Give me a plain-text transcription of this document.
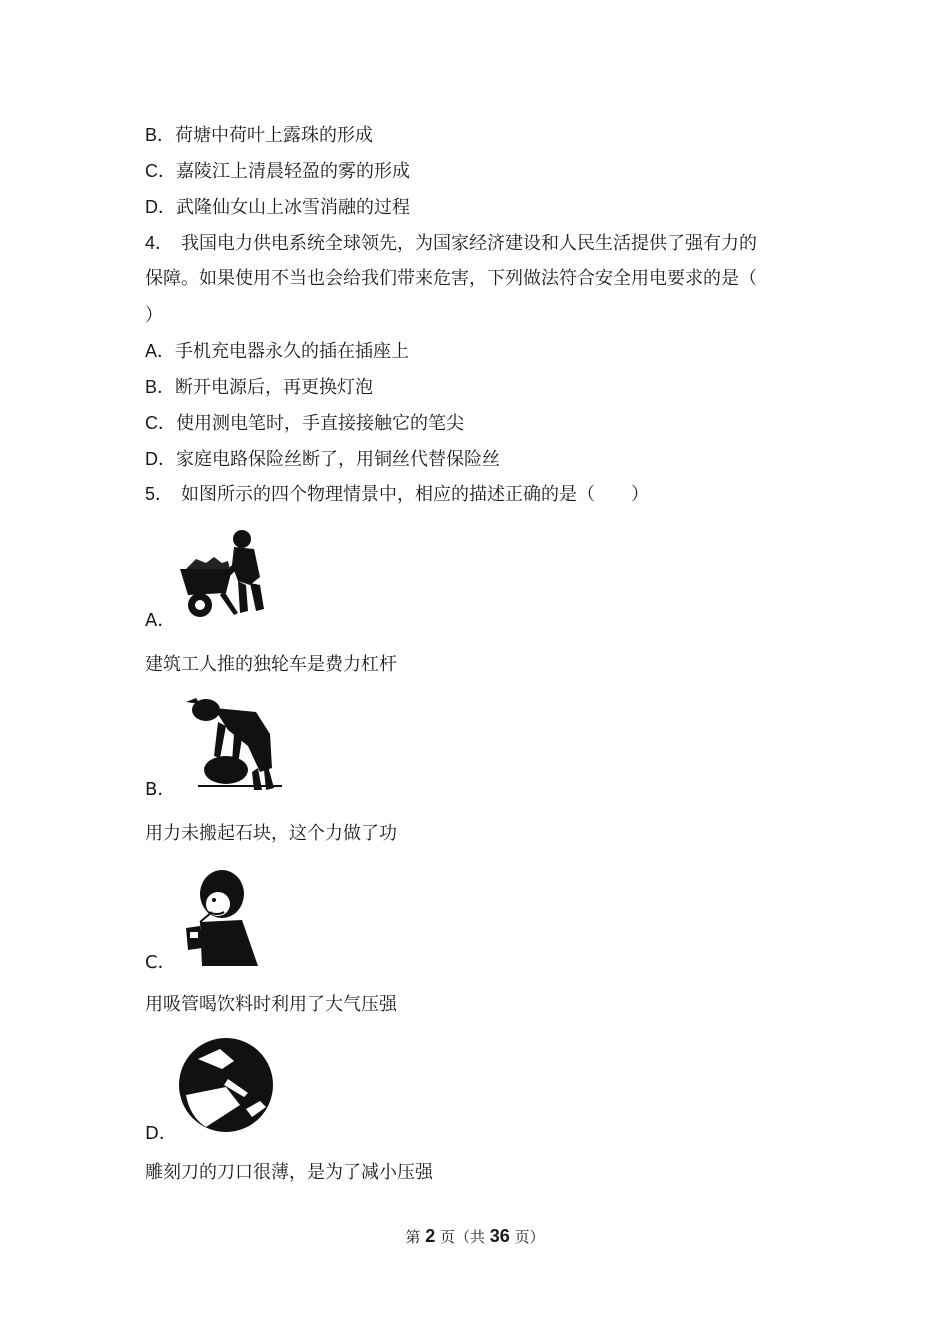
B．荷塘中荷叶上露珠的形成
C．嘉陵江上清晨轻盈的雾的形成
D．武隆仙女山上冰雪消融的过程
4． 我国电力供电系统全球领先，为国家经济建设和人民生活提供了强有力的
保障。如果使用不当也会给我们带来危害，下列做法符合安全用电要求的是（
）
A．手机充电器永久的插在插座上
B．断开电源后，再更换灯泡
C．使用测电笔时，手直接接触它的笔尖
D．家庭电路保险丝断了，用铜丝代替保险丝
5． 如图所示的四个物理情景中，相应的描述正确的是（　　）
A．
建筑工人推的独轮车是费力杠杆
B．
用力未搬起石块，这个力做了功
C．
用吸管喝饮料时利用了大气压强
D．
雕刻刀的刀口很薄，是为了减小压强
第 2 页（共 36 页）
